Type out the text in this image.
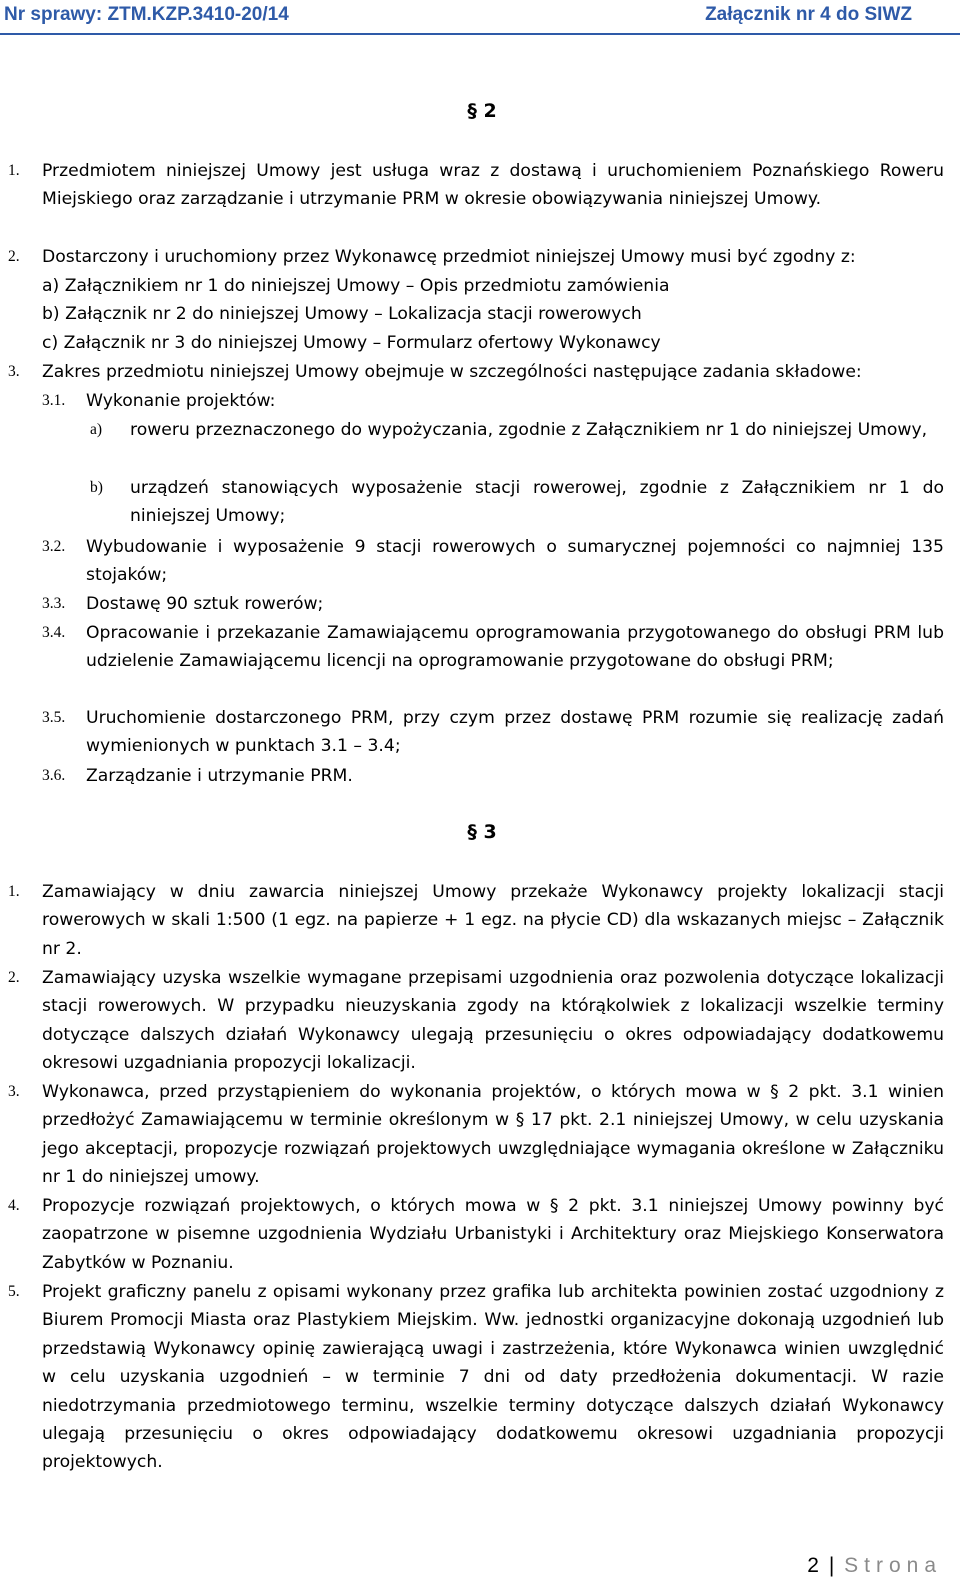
Nr sprawy: ZTM.KZP.3410-20/14	Załącznik nr 4 do SIWZ
§ 2
1. Przedmiotem niniejszej Umowy jest usługa wraz z dostawą i uruchomieniem Poznańskiego Roweru Miejskiego oraz zarządzanie i utrzymanie PRM w okresie obowiązywania niniejszej Umowy.
2. Dostarczony i uruchomiony przez Wykonawcę przedmiot niniejszej Umowy musi być zgodny z:
a) Załącznikiem nr 1 do niniejszej Umowy – Opis przedmiotu zamówienia
b) Załącznik nr 2 do niniejszej Umowy – Lokalizacja stacji rowerowych
c) Załącznik nr 3 do niniejszej Umowy – Formularz ofertowy Wykonawcy
3. Zakres przedmiotu niniejszej Umowy obejmuje w szczególności następujące zadania składowe:
3.1. Wykonanie projektów:
a) roweru przeznaczonego do wypożyczania, zgodnie z Załącznikiem nr 1 do niniejszej Umowy,
b) urządzeń stanowiących wyposażenie stacji rowerowej, zgodnie z Załącznikiem nr 1 do niniejszej Umowy;
3.2. Wybudowanie i wyposażenie 9 stacji rowerowych o sumarycznej pojemności co najmniej 135 stojaków;
3.3. Dostawę 90 sztuk rowerów;
3.4. Opracowanie i przekazanie Zamawiającemu oprogramowania przygotowanego do obsługi PRM lub udzielenie Zamawiającemu licencji na oprogramowanie przygotowane do obsługi PRM;
3.5. Uruchomienie dostarczonego PRM, przy czym przez dostawę PRM rozumie się realizację zadań wymienionych w punktach 3.1 – 3.4;
3.6. Zarządzanie i utrzymanie PRM.
§ 3
1. Zamawiający w dniu zawarcia niniejszej Umowy przekaże Wykonawcy projekty lokalizacji stacji rowerowych w skali 1:500 (1 egz. na papierze + 1 egz. na płycie CD) dla wskazanych miejsc – Załącznik nr 2.
2. Zamawiający uzyska wszelkie wymagane przepisami uzgodnienia oraz pozwolenia dotyczące lokalizacji stacji rowerowych. W przypadku nieuzyskania zgody na którąkolwiek z lokalizacji wszelkie terminy dotyczące dalszych działań Wykonawcy ulegają przesunięciu o okres odpowiadający dodatkowemu okresowi uzgadniania propozycji lokalizacji.
3. Wykonawca, przed przystąpieniem do wykonania projektów, o których mowa w § 2 pkt. 3.1 winien przedłożyć Zamawiającemu w terminie określonym w § 17 pkt. 2.1 niniejszej Umowy, w celu uzyskania jego akceptacji, propozycje rozwiązań projektowych uwzględniające wymagania określone w Załączniku nr 1 do niniejszej umowy.
4. Propozycje rozwiązań projektowych, o których mowa w § 2 pkt. 3.1 niniejszej Umowy powinny być zaopatrzone w pisemne uzgodnienia Wydziału Urbanistyki i Architektury oraz Miejskiego Konserwatora Zabytków w Poznaniu.
5. Projekt graficzny panelu z opisami wykonany przez grafika lub architekta powinien zostać uzgodniony z Biurem Promocji Miasta oraz Plastykiem Miejskim. Ww. jednostki organizacyjne dokonają uzgodnień lub przedstawią Wykonawcy opinię zawierającą uwagi i zastrzeżenia, które Wykonawca winien uwzględnić w celu uzyskania uzgodnień – w terminie 7 dni od daty przedłożenia dokumentacji. W razie niedotrzymania przedmiotowego terminu, wszelkie terminy dotyczące dalszych działań Wykonawcy ulegają przesunięciu o okres odpowiadający dodatkowemu okresowi uzgadniania propozycji projektowych.
2 | Strona
